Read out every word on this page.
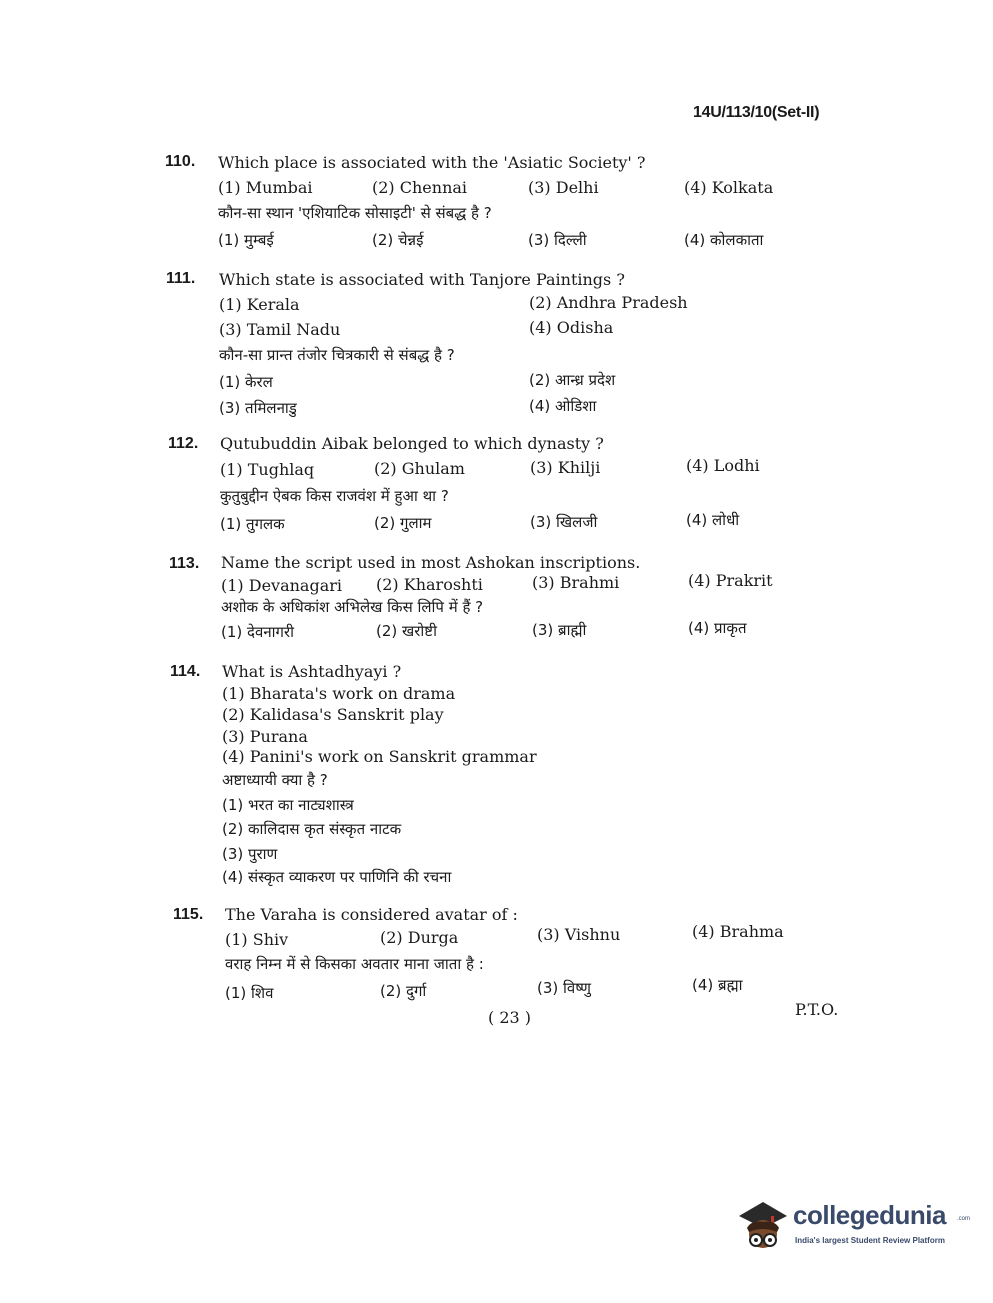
14U/113/10(Set-II)
110. Which place is associated with the 'Asiatic Society' ?
(1) Mumbai	(2) Chennai	(3) Delhi	(4) Kolkata
कौन-सा स्थान 'एशियाटिक सोसाइटी' से संबद्ध है ?
(1) मुम्बई	(2) चेन्नई	(3) दिल्ली	(4) कोलकाता
111. Which state is associated with Tanjore Paintings ?
(1) Kerala	(2) Andhra Pradesh
(3) Tamil Nadu	(4) Odisha
कौन-सा प्रान्त तंजोर चित्रकारी से संबद्ध है ?
(1) केरल	(2) आन्ध्र प्रदेश
(3) तमिलनाडु	(4) ओडिशा
112. Qutubuddin Aibak belonged to which dynasty ?
(1) Tughlaq	(2) Ghulam	(3) Khilji	(4) Lodhi
कुतुबुद्दीन ऐबक किस राजवंश में हुआ था ?
(1) तुगलक	(2) गुलाम	(3) खिलजी	(4) लोधी
113. Name the script used in most Ashokan inscriptions.
(1) Devanagari (2) Kharoshti	(3) Brahmi	(4) Prakrit
अशोक के अधिकांश अभिलेख किस लिपि में हैं ?
(1) देवनागरी	(2) खरोष्टी	(3) ब्राह्मी	(4) प्राकृत
114. What is Ashtadhyayi ?
(1) Bharata's work on drama
(2) Kalidasa's Sanskrit play
(3) Purana
(4) Panini's work on Sanskrit grammar
अष्टाध्यायी क्या है ?
(1) भरत का नाट्यशास्त्र
(2) कालिदास कृत संस्कृत नाटक
(3) पुराण
(4) संस्कृत व्याकरण पर पाणिनि की रचना
115. The Varaha is considered avatar of :
(1) Shiv	(2) Durga	(3) Vishnu	(4) Brahma
वराह निम्न में से किसका अवतार माना जाता है :
(1) शिव	(2) दुर्गा	(3) विष्णु	(4) ब्रह्मा
( 23 )	P.T.O.
collegedunia .com
India's largest Student Review Platform
